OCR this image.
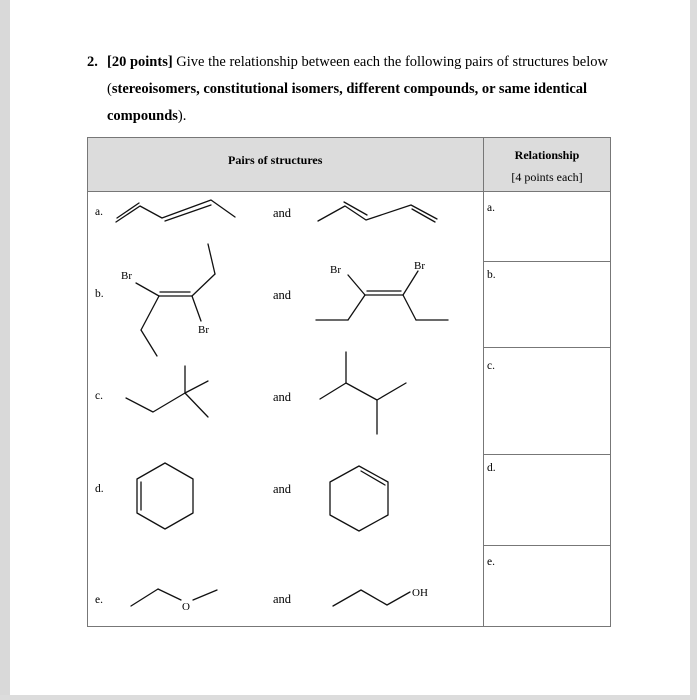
2. [20 points] Give the relationship between each the following pairs of structures below (stereoisomers, constitutional isomers, different compounds, or same identical compounds).
Pairs of structures	Relationship
[4 points each]
a.
b.
c.
d.
e.
a.
b.
c.
d.
e.
and
and
and
and
and
Br
Br
Br	Br
O
OH
